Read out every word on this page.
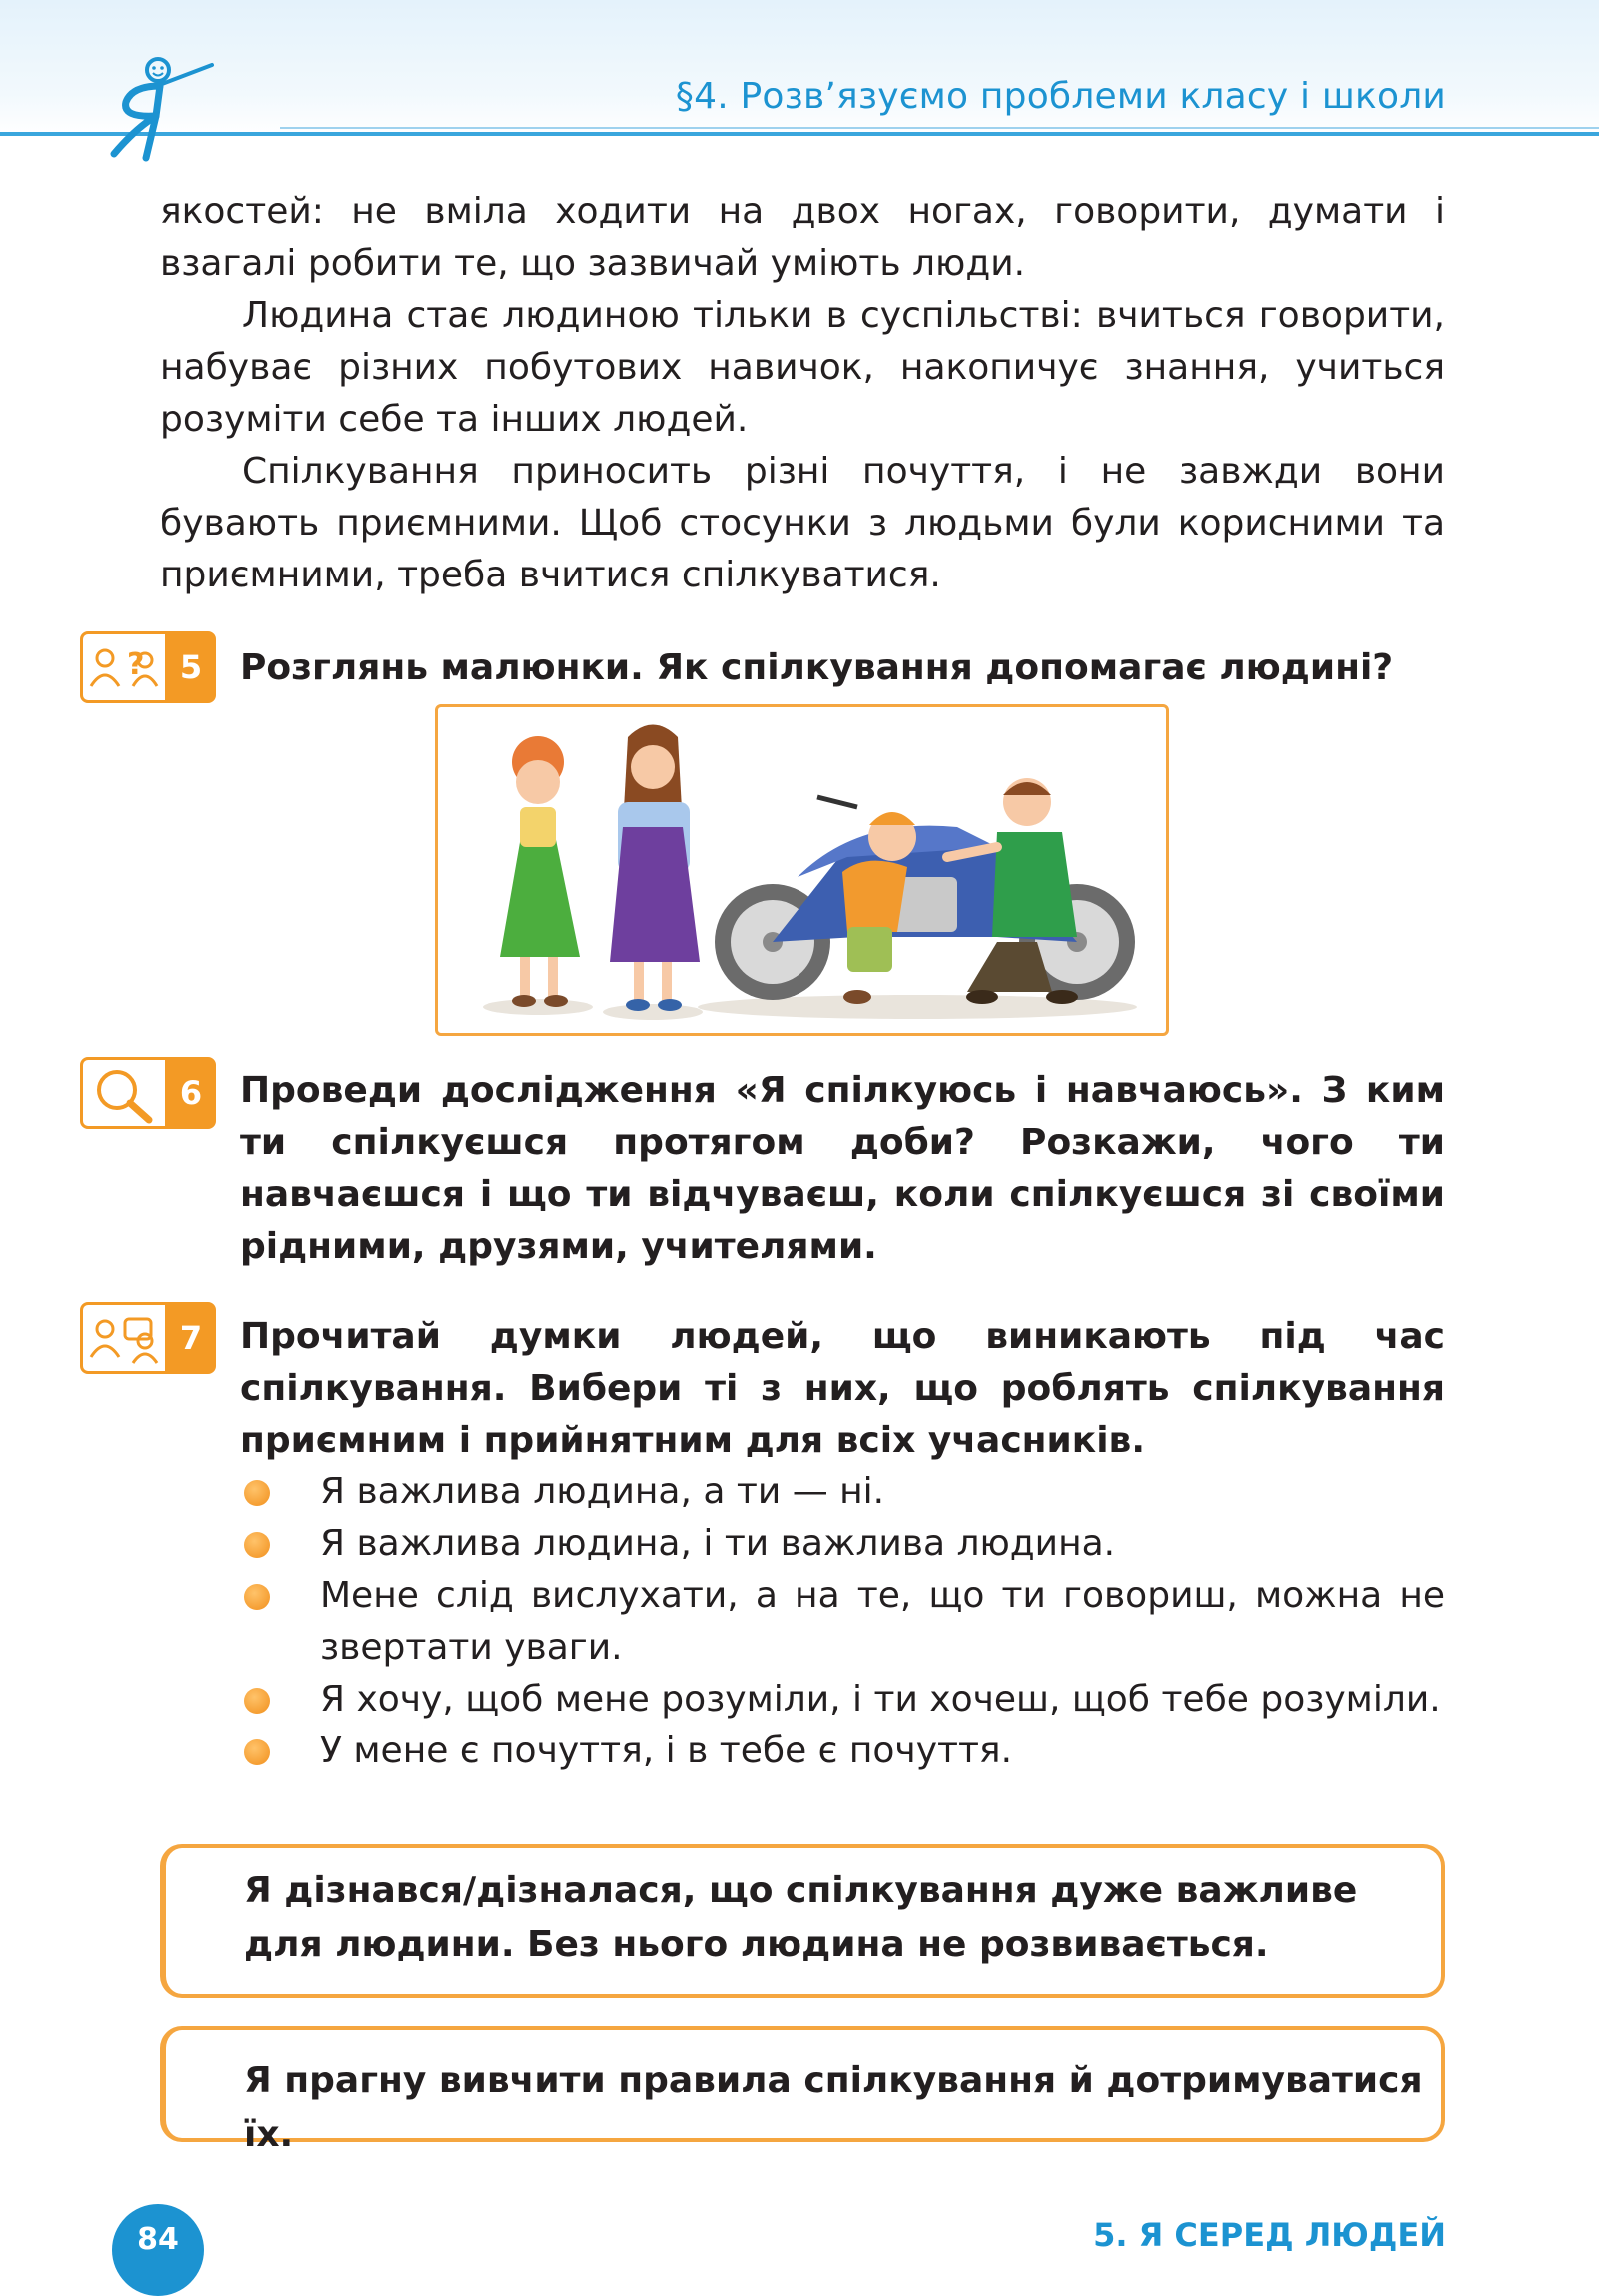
§4. Розв’язуємо проблеми класу і школи

якостей: не вміла ходити на двох ногах, говорити, думати і взагалі робити те, що зазвичай уміють люди.

Людина стає людиною тільки в суспільстві: вчиться говорити, набуває різних побутових навичок, накопичує знання, учиться розуміти себе та інших людей.

Спілкування приносить різні почуття, і не завжди вони бувають приємними. Щоб стосунки з людьми були корисними та приємними, треба вчитися спілкуватися.

?	5	Розглянь малюнки. Як спілкування допомагає людині?
6	Проведи дослідження «Я спілкуюсь і навчаюсь». З ким ти спілкуєшся протягом доби? Розкажи, чого ти навчаєшся і що ти відчуваєш, коли спілкуєшся зі своїми рідними, друзями, учителями.
7	Прочитай думки людей, що виникають під час спілкування. Вибери ті з них, що роблять спілкування приємним і прийнятним для всіх учасників.
Я важлива людина, а ти — ні.
Я важлива людина, і ти важлива людина.
Мене слід вислухати, а на те, що ти говориш, можна не звертати уваги.
Я хочу, щоб мене розуміли, і ти хочеш, щоб тебе розуміли.
У мене є почуття, і в тебе є почуття.
Я дізнався/дізналася, що спілкування дуже важливе для людини. Без нього людина не розвивається.
Я прагну вивчити правила спілкування й дотримуватися їх.
84	5. Я СЕРЕД ЛЮДЕЙ
